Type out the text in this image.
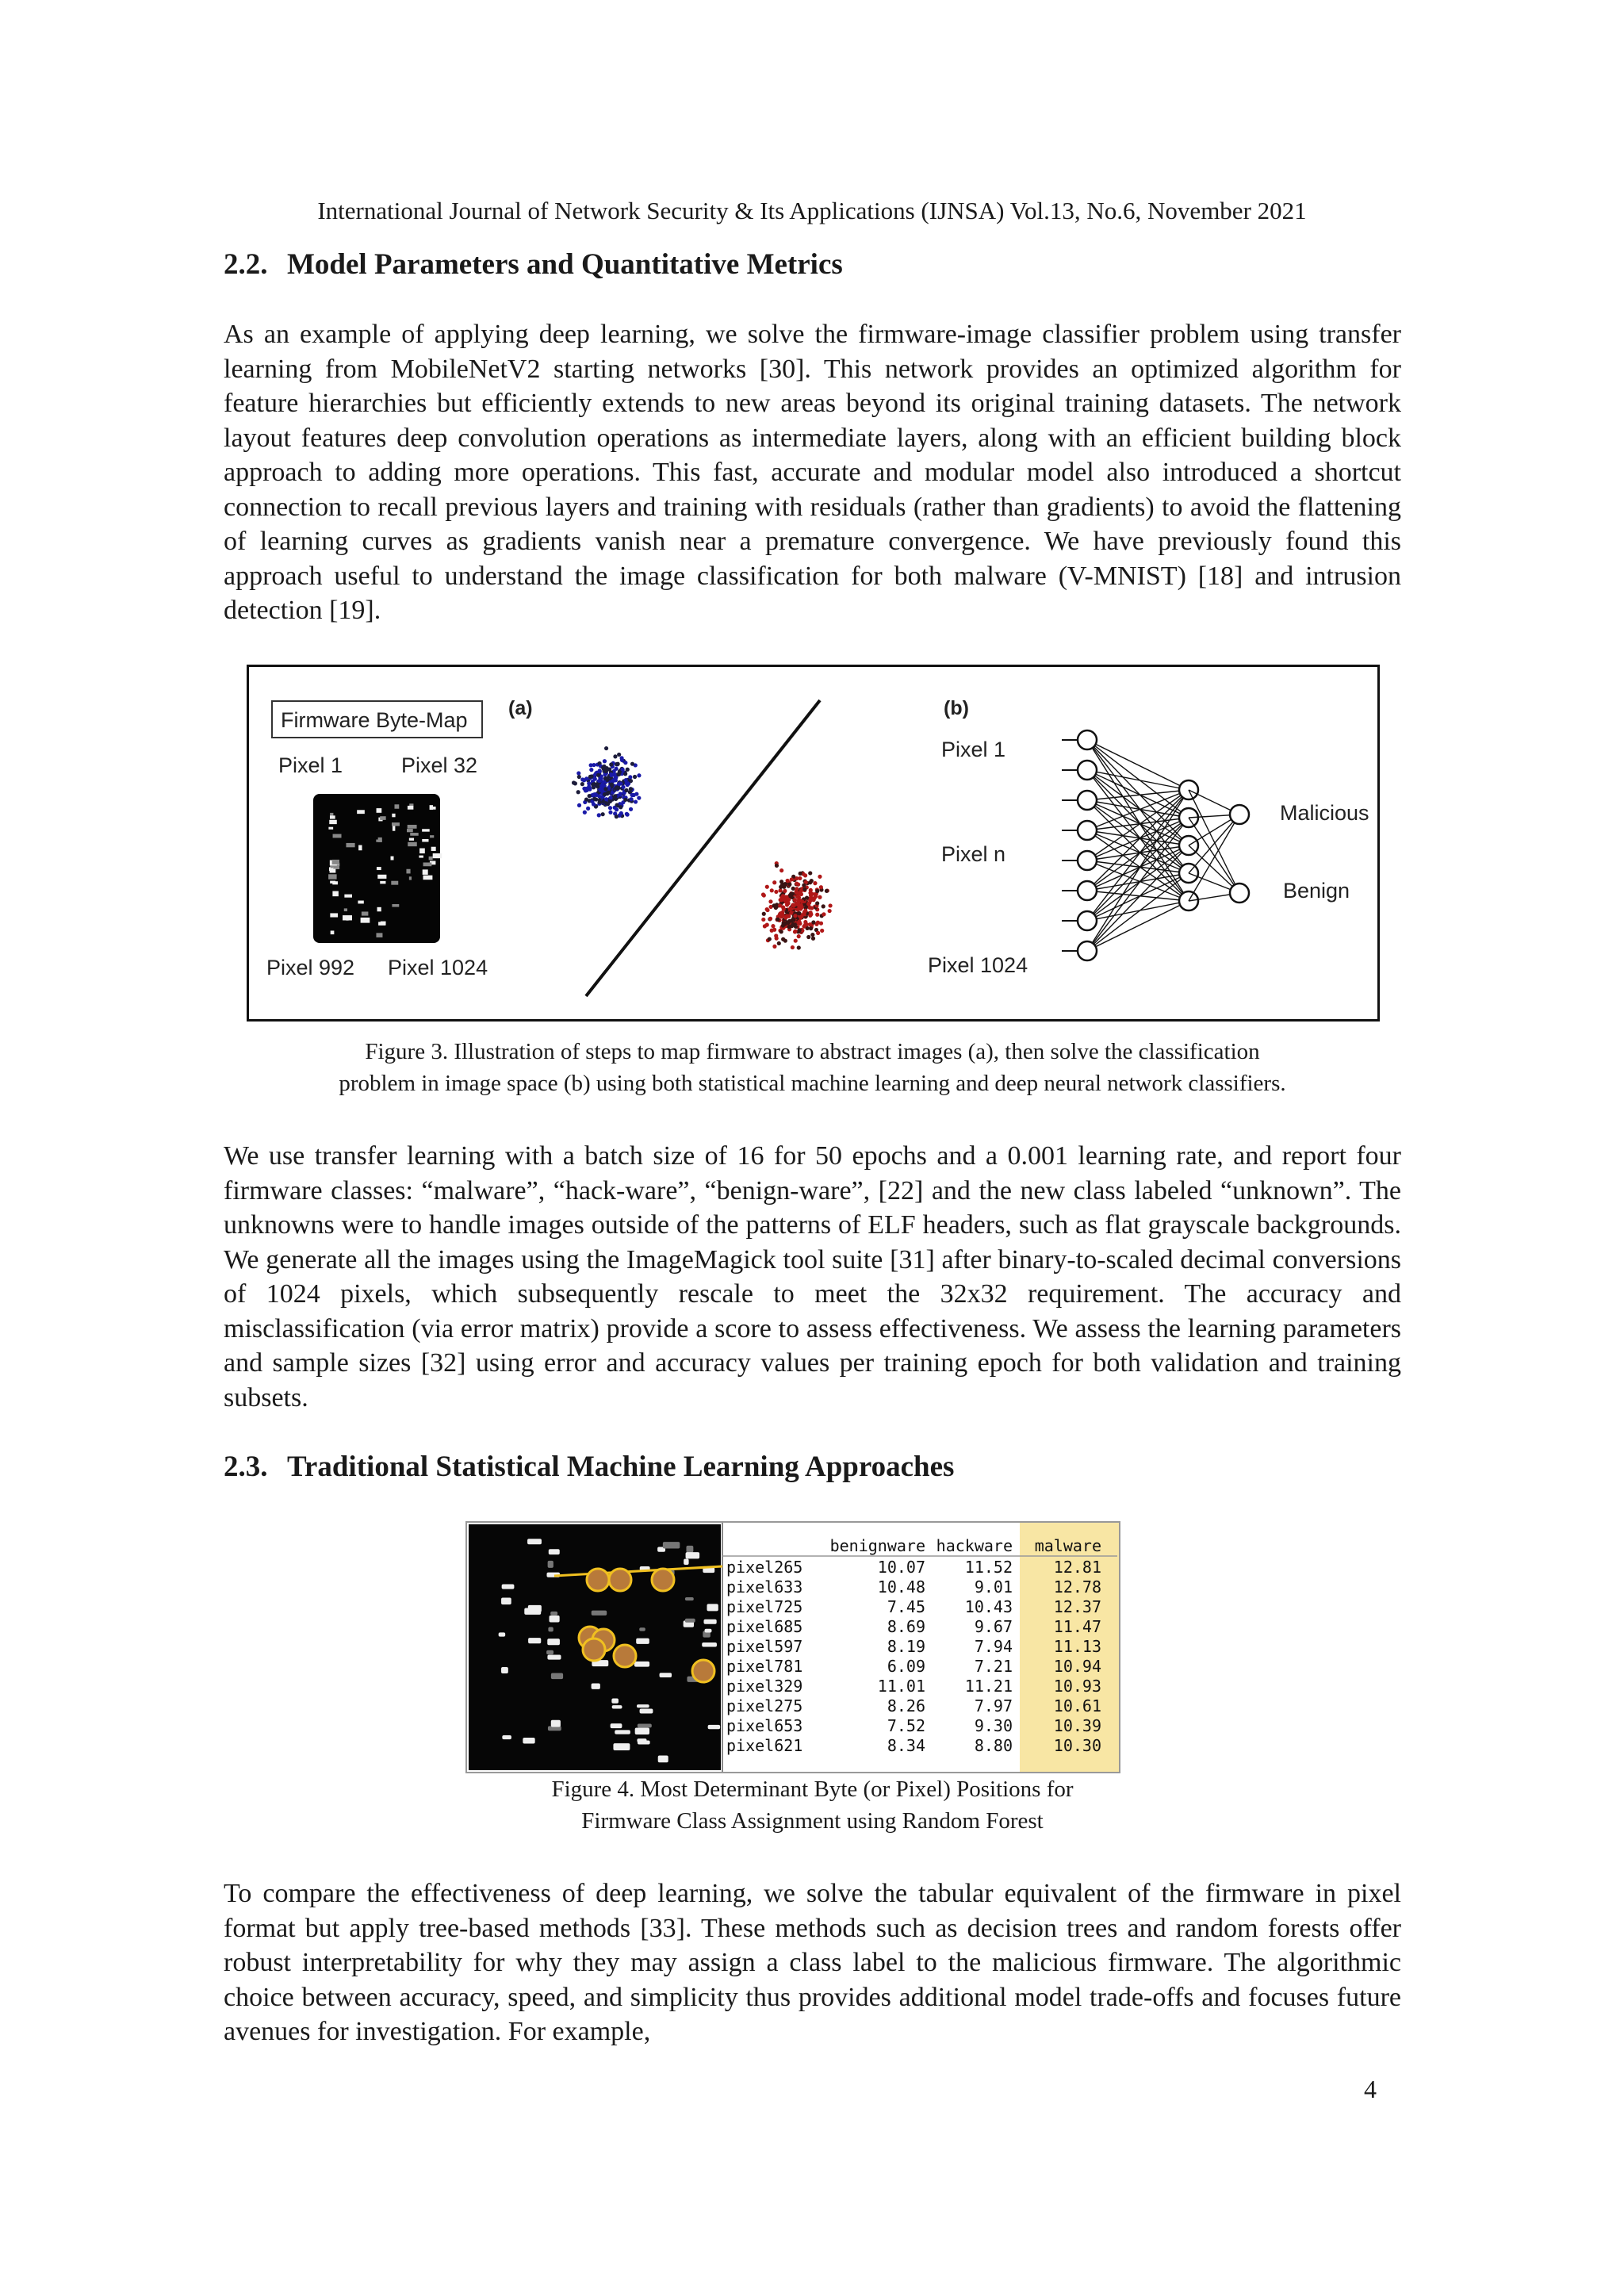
International Journal of Network Security & Its Applications (IJNSA) Vol.13, No.6, November 2021
2.2. Model Parameters and Quantitative Metrics

As an example of applying deep learning, we solve the firmware-image classifier problem using transfer learning from MobileNetV2 starting networks [30]. This network provides an optimized algorithm for feature hierarchies but efficiently extends to new areas beyond its original training datasets. The network layout features deep convolution operations as intermediate layers, along with an efficient building block approach to adding more operations. This fast, accurate and modular model also introduced a shortcut connection to recall previous layers and training with residuals (rather than gradients) to avoid the flattening of learning curves as gradients vanish near a premature convergence. We have previously found this approach useful to understand the image classification for both malware (V-MNIST) [18] and intrusion detection [19].

Firmware Byte-Map
Pixel 1	Pixel 32
Pixel 992 Pixel 1024
(a)	(b)
Pixel 1
Pixel n
Pixel 1024
Malicious
Benign
Figure 3. Illustration of steps to map firmware to abstract images (a), then solve the classification
problem in image space (b) using both statistical machine learning and deep neural network classifiers.

We use transfer learning with a batch size of 16 for 50 epochs and a 0.001 learning rate, and report four firmware classes: “malware”, “hack-ware”, “benign-ware”, [22] and the new class labeled “unknown”. The unknowns were to handle images outside of the patterns of ELF headers, such as flat grayscale backgrounds. We generate all the images using the ImageMagick tool suite [31] after binary-to-scaled decimal conversions of 1024 pixels, which subsequently rescale to meet the 32x32 requirement. The accuracy and misclassification (via error matrix) provide a score to assess effectiveness. We assess the learning parameters and sample sizes [32] using error and accuracy values per training epoch for both validation and training subsets.

2.3. Traditional Statistical Machine Learning Approaches
benignware hackware malware
pixel265	10.07 11.52	12.81
pixel633	10.48	9.01	12.78
pixel725	7.45 10.43	12.37
pixel685	8.69	9.67	11.47
pixel597	8.19	7.94	11.13
pixel781	6.09	7.21	10.94
pixel329	11.01 11.21	10.93
pixel275	8.26	7.97	10.61
pixel653	7.52	9.30	10.39
pixel621	8.34	8.80	10.30
Figure 4. Most Determinant Byte (or Pixel) Positions for
Firmware Class Assignment using Random Forest

To compare the effectiveness of deep learning, we solve the tabular equivalent of the firmware in pixel format but apply tree-based methods [33]. These methods such as decision trees and random forests offer robust interpretability for why they may assign a class label to the malicious firmware. The algorithmic choice between accuracy, speed, and simplicity thus provides additional model trade-offs and focuses future avenues for investigation. For example,

4
